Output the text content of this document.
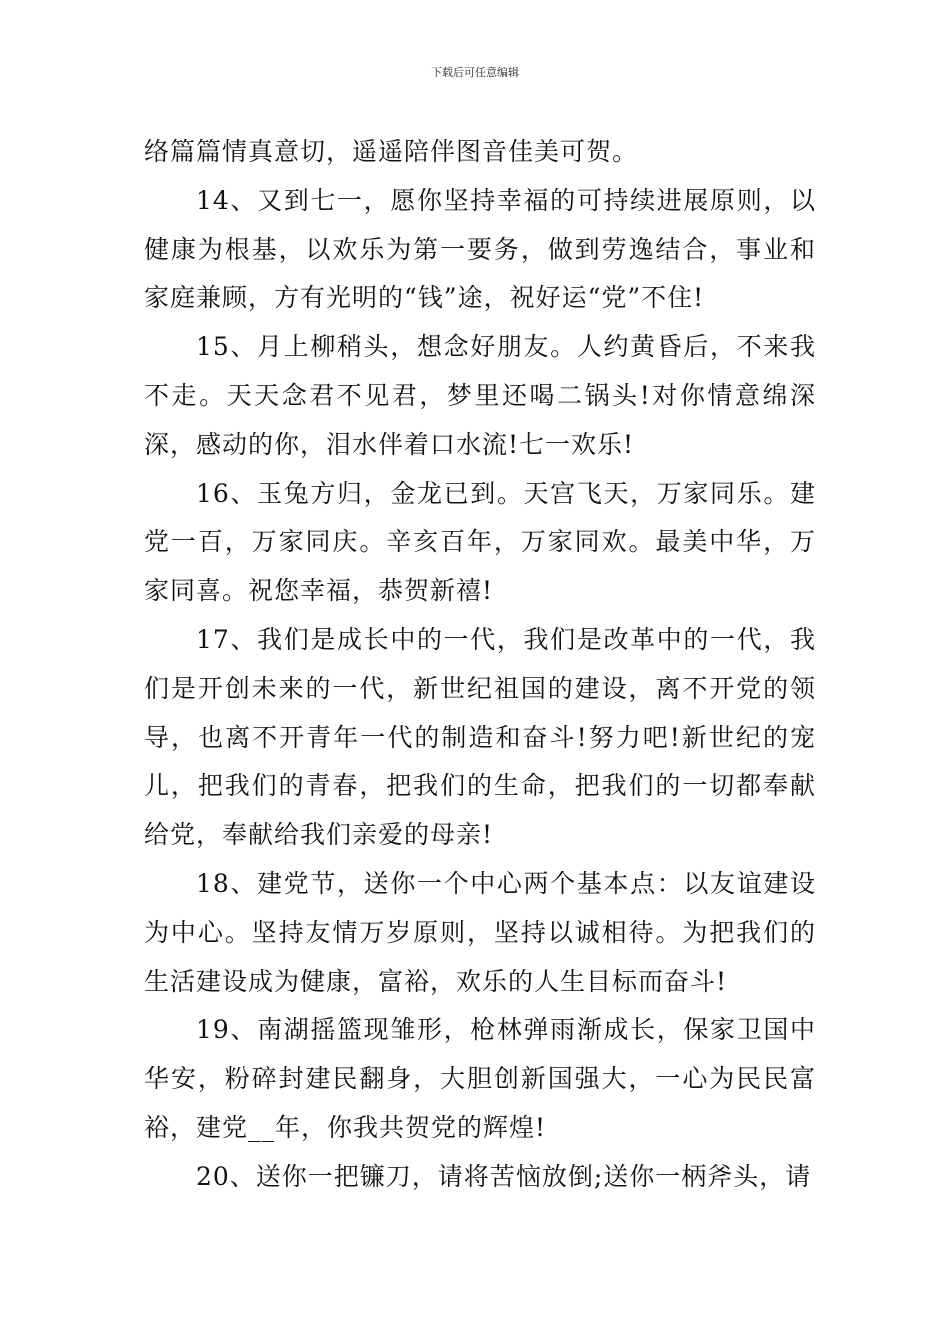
下载后可任意编辑

络篇篇情真意切，遥遥陪伴图音佳美可贺。

14、又到七一，愿你坚持幸福的可持续进展原则，以健康为根基，以欢乐为第一要务，做到劳逸结合，事业和家庭兼顾，方有光明的“钱”途，祝好运“党”不住!

15、月上柳稍头，想念好朋友。人约黄昏后，不来我不走。天天念君不见君，梦里还喝二锅头!对你情意绵深深，感动的你，泪水伴着口水流!七一欢乐!

16、玉兔方归，金龙已到。天宫飞天，万家同乐。建党一百，万家同庆。辛亥百年，万家同欢。最美中华，万家同喜。祝您幸福，恭贺新禧!

17、我们是成长中的一代，我们是改革中的一代，我们是开创未来的一代，新世纪祖国的建设，离不开党的领导，也离不开青年一代的制造和奋斗!努力吧!新世纪的宠儿，把我们的青春，把我们的生命，把我们的一切都奉献给党，奉献给我们亲爱的母亲!

18、建党节，送你一个中心两个基本点：以友谊建设为中心。坚持友情万岁原则，坚持以诚相待。为把我们的生活建设成为健康，富裕，欢乐的人生目标而奋斗!

19、南湖摇篮现雏形，枪林弹雨渐成长，保家卫国中华安，粉碎封建民翻身，大胆创新国强大，一心为民民富裕，建党__年，你我共贺党的辉煌!

20、送你一把镰刀，请将苦恼放倒;送你一柄斧头，请
